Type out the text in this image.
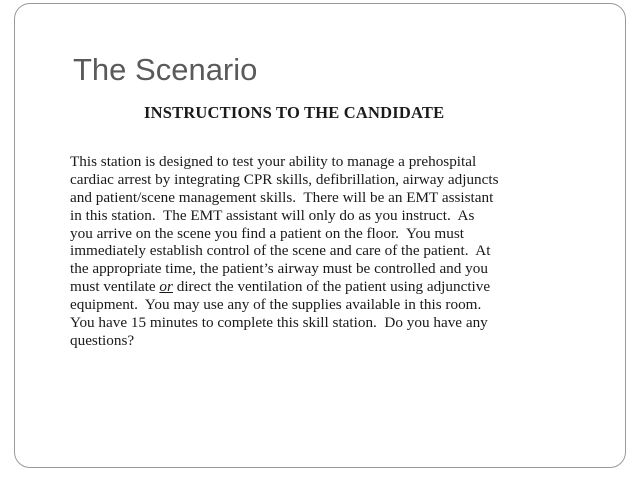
The Scenario
INSTRUCTIONS TO THE CANDIDATE
This station is designed to test your ability to manage a prehospital
cardiac arrest by integrating CPR skills, defibrillation, airway adjuncts
and patient/scene management skills.  There will be an EMT assistant
in this station.  The EMT assistant will only do as you instruct.  As
you arrive on the scene you find a patient on the floor.  You must
immediately establish control of the scene and care of the patient.  At
the appropriate time, the patient’s airway must be controlled and you
must ventilate or direct the ventilation of the patient using adjunctive
equipment.  You may use any of the supplies available in this room.
You have 15 minutes to complete this skill station.  Do you have any
questions?
